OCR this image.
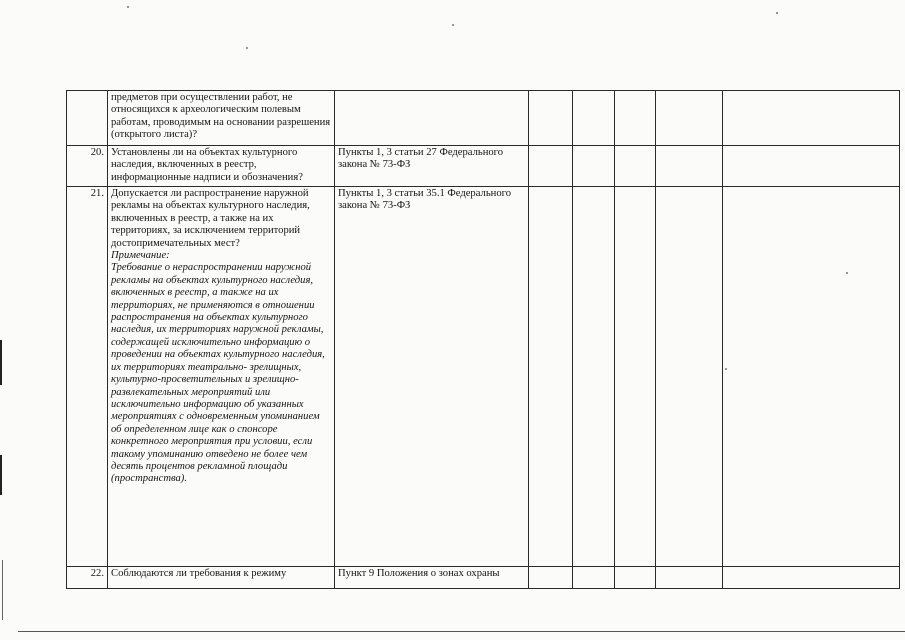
	предметов при осуществлении работ, не относящихся к археологическим полевым работам, проводимым на основании разрешения (открытого листа)?						
20.	Установлены ли на объектах культурного наследия, включенных в реестр, информационные надписи и обозначения?	Пункты 1, 3 статьи 27 Федерального закона № 73-ФЗ					
21.	Допускается ли распространение наружной рекламы на объектах культурного наследия, включенных в реестр, а также на их территориях, за исключением территорий достопримечательных мест?
Примечание:
Требование о нераспространении наружной рекламы на объектах культурного наследия, включенных в реестр, а также на их территориях, не применяются в отношении распространения на объектах культурного наследия, их территориях наружной рекламы, содержащей исключительно информацию о проведении на объектах культурного наследия, их территориях театрально- зрелищных, культурно-просветительных и зрелищно-развлекательных мероприятий или исключительно информацию об указанных мероприятиях с одновременным упоминанием об определенном лице как о спонсоре конкретного мероприятия при условии, если такому упоминанию отведено не более чем десять процентов рекламной площади (пространства).	Пункты 1, 3 статьи 35.1 Федерального закона № 73-ФЗ					
22.	Соблюдаются ли требования к режиму	Пункт 9 Положения о зонах охраны					
